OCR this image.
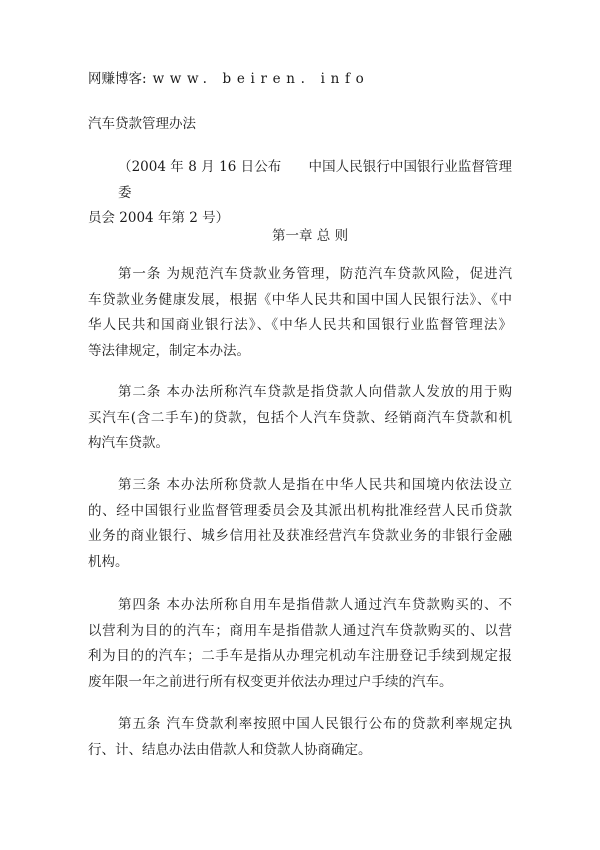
网赚博客: www. beiren. info
汽车贷款管理办法
（2004 年 8 月 16 日公布　　中国人民银行中国银行业监督管理委
员会 2004 年第 2 号）
第一章 总 则
第一条 为规范汽车贷款业务管理，防范汽车贷款风险，促进汽
车贷款业务健康发展，根据《中华人民共和国中国人民银行法》、《中
华人民共和国商业银行法》、《中华人民共和国银行业监督管理法》
等法律规定，制定本办法。
第二条 本办法所称汽车贷款是指贷款人向借款人发放的用于购
买汽车(含二手车)的贷款，包括个人汽车贷款、经销商汽车贷款和机
构汽车贷款。
第三条 本办法所称贷款人是指在中华人民共和国境内依法设立
的、经中国银行业监督管理委员会及其派出机构批准经营人民币贷款
业务的商业银行、城乡信用社及获准经营汽车贷款业务的非银行金融
机构。
第四条 本办法所称自用车是指借款人通过汽车贷款购买的、不
以营利为目的的汽车；商用车是指借款人通过汽车贷款购买的、以营
利为目的的汽车；二手车是指从办理完机动车注册登记手续到规定报
废年限一年之前进行所有权变更并依法办理过户手续的汽车。
第五条 汽车贷款利率按照中国人民银行公布的贷款利率规定执
行、计、结息办法由借款人和贷款人协商确定。
